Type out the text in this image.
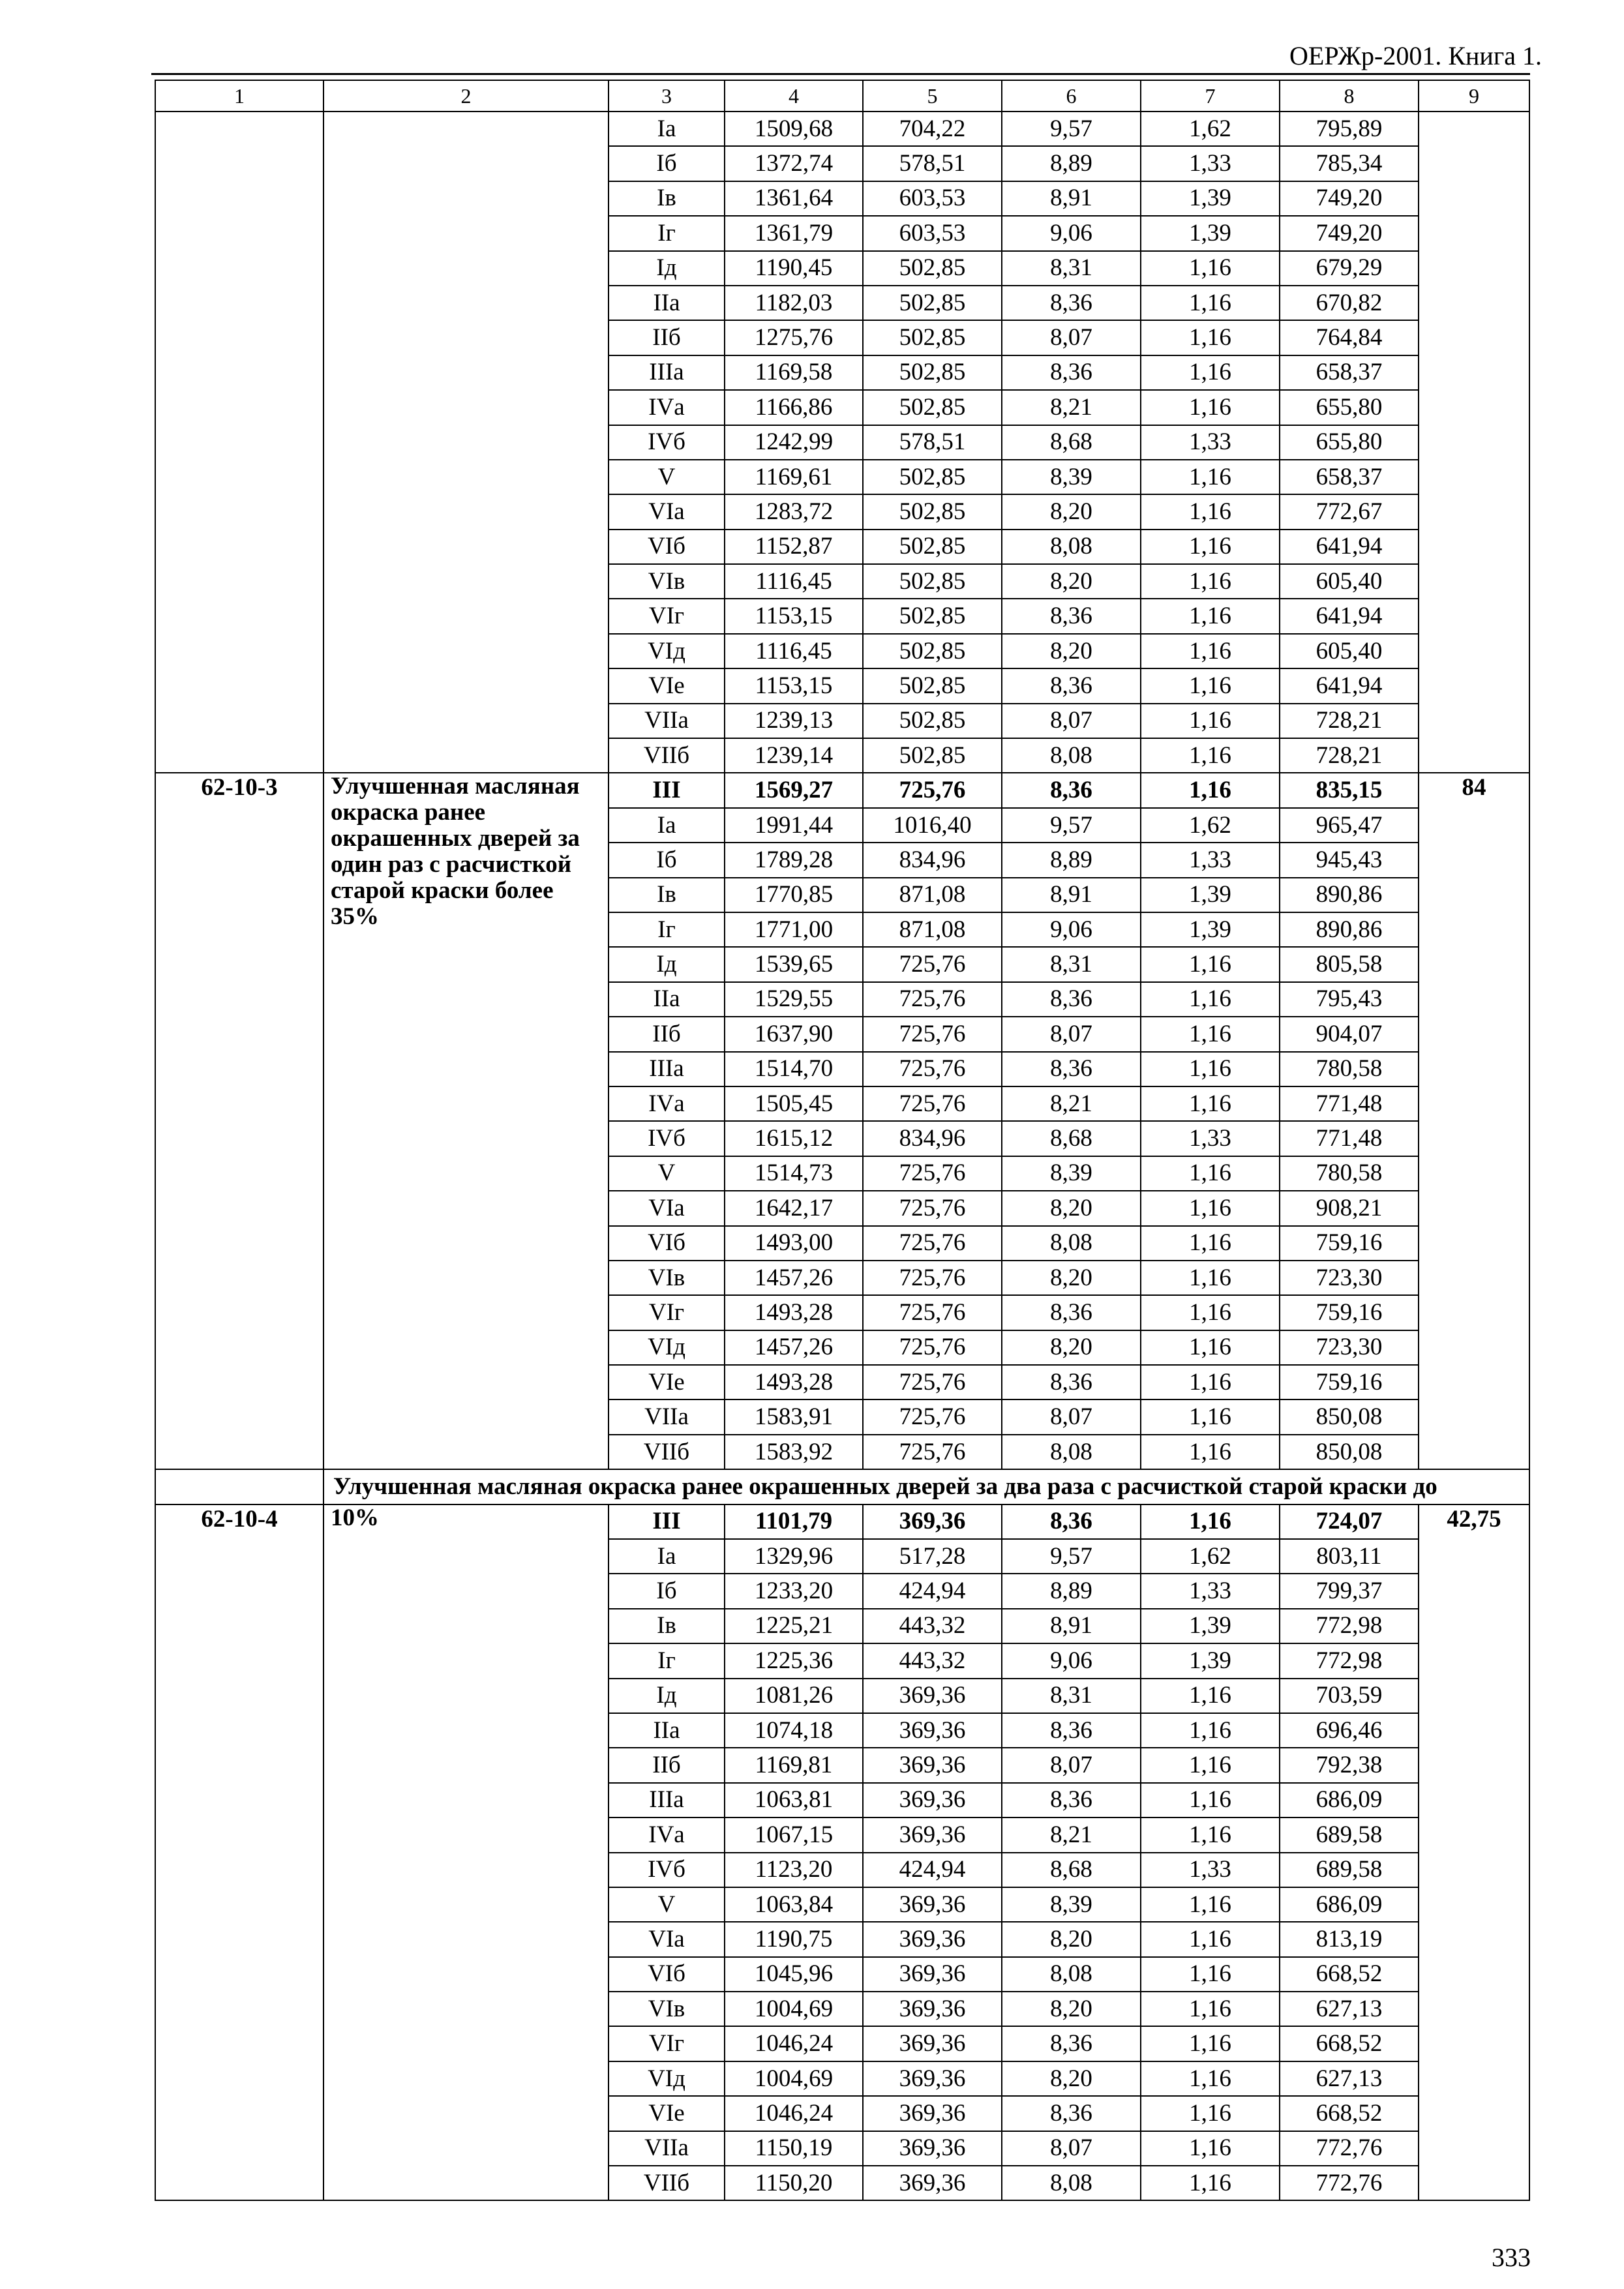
ОЕРЖр-2001. Книга 1.
1	2	3	4	5	6	7	8	9
		Iа	1509,68	704,22	9,57	1,62	795,89	
		Iб	1372,74	578,51	8,89	1,33	785,34	
		Iв	1361,64	603,53	8,91	1,39	749,20	
		Iг	1361,79	603,53	9,06	1,39	749,20	
		Iд	1190,45	502,85	8,31	1,16	679,29	
		IIа	1182,03	502,85	8,36	1,16	670,82	
		IIб	1275,76	502,85	8,07	1,16	764,84	
		IIIа	1169,58	502,85	8,36	1,16	658,37	
		IVа	1166,86	502,85	8,21	1,16	655,80	
		IVб	1242,99	578,51	8,68	1,33	655,80	
		V	1169,61	502,85	8,39	1,16	658,37	
		VIа	1283,72	502,85	8,20	1,16	772,67	
		VIб	1152,87	502,85	8,08	1,16	641,94	
		VIв	1116,45	502,85	8,20	1,16	605,40	
		VIг	1153,15	502,85	8,36	1,16	641,94	
		VIд	1116,45	502,85	8,20	1,16	605,40	
		VIе	1153,15	502,85	8,36	1,16	641,94	
		VIIа	1239,13	502,85	8,07	1,16	728,21	
		VIIб	1239,14	502,85	8,08	1,16	728,21	
62-10-3	Улучшенная масляная окраска ранее окрашенных дверей за один раз с расчисткой старой краски более 35%	III	1569,27	725,76	8,36	1,16	835,15	84
		Iа	1991,44	1016,40	9,57	1,62	965,47	
		Iб	1789,28	834,96	8,89	1,33	945,43	
		Iв	1770,85	871,08	8,91	1,39	890,86	
		Iг	1771,00	871,08	9,06	1,39	890,86	
		Iд	1539,65	725,76	8,31	1,16	805,58	
		IIа	1529,55	725,76	8,36	1,16	795,43	
		IIб	1637,90	725,76	8,07	1,16	904,07	
		IIIа	1514,70	725,76	8,36	1,16	780,58	
		IVа	1505,45	725,76	8,21	1,16	771,48	
		IVб	1615,12	834,96	8,68	1,33	771,48	
		V	1514,73	725,76	8,39	1,16	780,58	
		VIа	1642,17	725,76	8,20	1,16	908,21	
		VIб	1493,00	725,76	8,08	1,16	759,16	
		VIв	1457,26	725,76	8,20	1,16	723,30	
		VIг	1493,28	725,76	8,36	1,16	759,16	
		VIд	1457,26	725,76	8,20	1,16	723,30	
		VIе	1493,28	725,76	8,36	1,16	759,16	
		VIIа	1583,91	725,76	8,07	1,16	850,08	
		VIIб	1583,92	725,76	8,08	1,16	850,08	
	Улучшенная масляная окраска ранее окрашенных дверей за два раза с расчисткой старой краски до							
62-10-4	10%	III	1101,79	369,36	8,36	1,16	724,07	42,75
		Iа	1329,96	517,28	9,57	1,62	803,11	
		Iб	1233,20	424,94	8,89	1,33	799,37	
		Iв	1225,21	443,32	8,91	1,39	772,98	
		Iг	1225,36	443,32	9,06	1,39	772,98	
		Iд	1081,26	369,36	8,31	1,16	703,59	
		IIа	1074,18	369,36	8,36	1,16	696,46	
		IIб	1169,81	369,36	8,07	1,16	792,38	
		IIIа	1063,81	369,36	8,36	1,16	686,09	
		IVа	1067,15	369,36	8,21	1,16	689,58	
		IVб	1123,20	424,94	8,68	1,33	689,58	
		V	1063,84	369,36	8,39	1,16	686,09	
		VIа	1190,75	369,36	8,20	1,16	813,19	
		VIб	1045,96	369,36	8,08	1,16	668,52	
		VIв	1004,69	369,36	8,20	1,16	627,13	
		VIг	1046,24	369,36	8,36	1,16	668,52	
		VIд	1004,69	369,36	8,20	1,16	627,13	
		VIе	1046,24	369,36	8,36	1,16	668,52	
		VIIа	1150,19	369,36	8,07	1,16	772,76	
		VIIб	1150,20	369,36	8,08	1,16	772,76	
333
